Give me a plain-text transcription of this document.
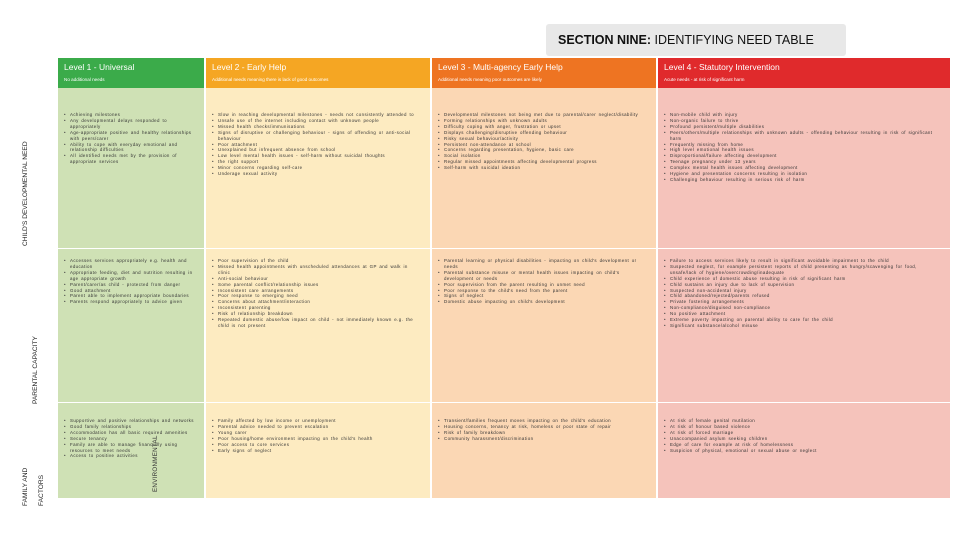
SECTION NINE: IDENTIFYING NEED TABLE
Level 1 - Universal
No additional needs
Level 2 - Early Help
Additional needs meaning there is lack of good outcomes
Level 3 - Multi-agency Early Help
Additional needs meaning poor outcomes are likely
Level 4 - Statutory Intervention
Acute needs - at risk of significant harm
CHILD'S DEVELOPMENTAL NEED
PARENTAL CAPACITY
FAMILY AND FACTORS	ENVIRONMENTAL
• Achieving milestones
• Any developmental delays responded to appropriately
• Age-appropriate positive and healthy relationships with peers/carer
• Ability to cope with everyday emotional and relationship difficulties
• All identified needs met by the provision of appropriate services
• Slow in reaching developmental milestones - needs not consistently attended to
• Unsafe use of the internet including contact with unknown people
• Missed health checks/immunisations
• Signs of disruptive or challenging behaviour - signs of offending or anti-social behaviour
• Poor attachment
• Unexplained but infrequent absence from school
• Low level mental health issues - self-harm without suicidal thoughts
• the right support
• Minor concerns regarding self-care
• Underage sexual activity
• Developmental milestones not being met due to parental/carer neglect/disability
• Forming relationships with unknown adults
• Difficulty coping with anger, frustration or upset
• Displays challenging/disruptive offending behaviour
• Risky sexual behaviour/activity
• Persistent non-attendance at school
• Concerns regarding presentation, hygiene, basic care
• Social isolation
• Regular missed appointments affecting developmental progress
• Self-harm with suicidal ideation
• Non-mobile child with injury
• Non-organic failure to thrive
• Profound persistent/multiple disabilities
• Peers/others/multiple relationships with unknown adults - offending behaviour resulting in risk of significant harm
• Frequently missing from home
• High level emotional health issues
• Disproportional/failure affecting development
• Teenage pregnancy under 13 years
• Complex mental health issues affecting development
• Hygiene and presentation concerns resulting in isolation
• Challenging behaviour resulting in serious risk of harm
• Accesses services appropriately e.g. health and education
• Appropriate feeding, diet and nutrition resulting in age appropriate growth
• Parent/carer/as child - protected from danger
• Good attachment
• Parent able to implement appropriate boundaries
• Parents respond appropriately to advice given
• Poor supervision of the child
• Missed health appointments with unscheduled attendances at GP and walk in clinic
• Anti-social behaviour
• Some parental conflict/relationship issues
• Inconsistent care arrangements
• Poor response to emerging need
• Concerns about attachment/interaction
• Inconsistent parenting
• Risk of relationship breakdown
• Repeated domestic abuse/low impact on child - not immediately known e.g. the child is not present
• Parental learning or physical disabilities - impacting on child's development or needs
• Parental substance misuse or mental health issues impacting on child's development or needs
• Poor supervision from the parent resulting in unmet need
• Poor response to the child's need from the parent
• Signs of neglect
• Domestic abuse impacting on child's development
• Failure to access services likely to result in significant avoidable impairment to the child
• Suspected neglect, for example persistent reports of child presenting as hungry/scavenging for food, unsafe/lack of hygiene/overcrowding/inadequate
• Child experience of domestic abuse resulting in risk of significant harm
• Child sustains an injury due to lack of supervision
• Suspected non-accidental injury
• Child abandoned/rejected/parents refused
• Private fostering arrangements
• Non-compliance/disguised non-compliance
• No positive attachment
• Extreme poverty impacting on parental ability to care for the child
• Significant substance/alcohol misuse
• Supportive and positive relationships and networks
• Good family relationships
• Accommodation has all basic required amenities
• Secure tenancy
• Family are able to manage financially using resources to meet needs
• Access to positive activities
• Family affected by low income or unemployment
• Parental advice needed to prevent escalation
• Young carer
• Poor housing/home environment impacting on the child's health
• Poor access to core services
• Early signs of neglect
• Transient/families frequent moves impacting on the child's education
• Housing concerns, tenancy at risk, homeless or poor state of repair
• Risk of family breakdown
• Community harassment/discrimination
• At risk of female genital mutilation
• At risk of honour based violence
• At risk of forced marriage
• Unaccompanied asylum seeking children
• Edge of care for example at risk of homelessness
• Suspicion of physical, emotional or sexual abuse or neglect
